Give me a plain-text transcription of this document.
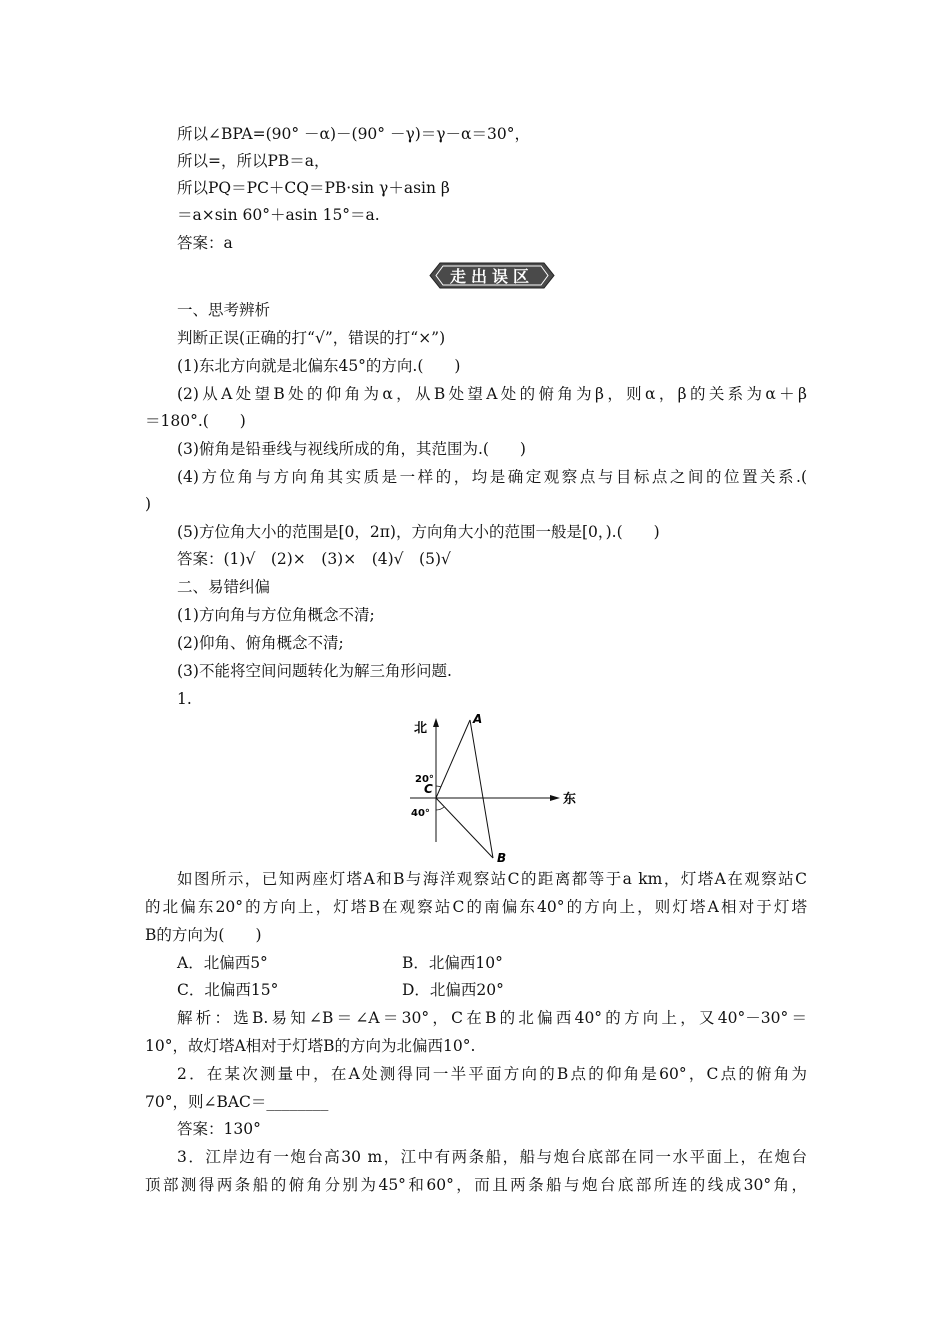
所以∠BPA=(90° －α)－(90° －γ)＝γ－α＝30°，
所以=，所以PB＝a，
所以PQ＝PC＋CQ＝PB·sin γ＋asin β
＝a×sin 60°＋asin 15°＝a.
答案：a
走出误区
一、思考辨析
判断正误(正确的打“√”，错误的打“×”)
(1)东北方向就是北偏东45°的方向.(　　)
(2)从A处望B处的仰角为α，从B处望A处的俯角为β，则α，β的关系为α＋β
＝180°.(　　)
(3)俯角是铅垂线与视线所成的角，其范围为.(　　)
(4)方位角与方向角其实质是一样的，均是确定观察点与目标点之间的位置关系.(
)
(5)方位角大小的范围是[0，2π)，方向角大小的范围一般是[0，).(　　)
答案：(1)√　(2)×　(3)×　(4)√　(5)√
二、易错纠偏
(1)方向角与方位角概念不清;
(2)仰角、俯角概念不清;
(3)不能将空间问题转化为解三角形问题.
1.
北
东
A
B
C
20°
40°
如图所示，已知两座灯塔A和B与海洋观察站C的距离都等于a km，灯塔A在观察站C
的北偏东20°的方向上，灯塔B在观察站C的南偏东40°的方向上，则灯塔A相对于灯塔
B的方向为(　　)
A．北偏西5°	B．北偏西10°
C．北偏西15°	D．北偏西20°
解析：选B.易知∠B＝∠A＝30°，C在B的北偏西40°的方向上，又40°－30°＝
10°，故灯塔A相对于灯塔B的方向为北偏西10°.
2．在某次测量中，在A处测得同一半平面方向的B点的仰角是60°，C点的俯角为
70°，则∠BAC＝________
答案：130°
3．江岸边有一炮台高30 m，江中有两条船，船与炮台底部在同一水平面上，在炮台
顶部测得两条船的俯角分别为45°和60°，而且两条船与炮台底部所连的线成30°角，
